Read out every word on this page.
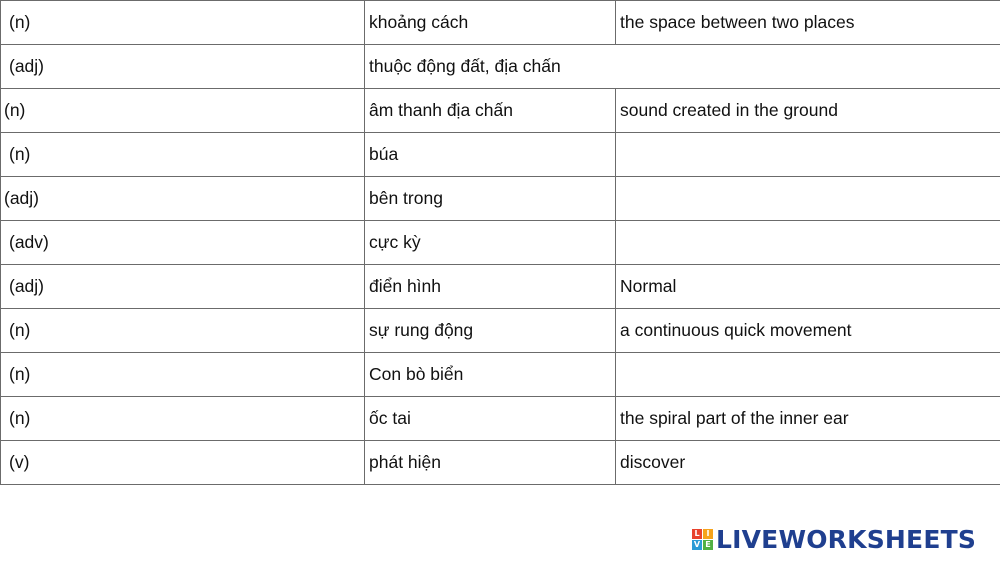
(n)	khoảng cách	the space between two places
(adj)	thuộc động đất, địa chấn	
(n)	âm thanh địa chấn	sound created in the ground
(n)	búa	
(adj)	bên trong	
(adv)	cực kỳ	
(adj)	điển hình	Normal
(n)	sự rung động	a continuous quick movement
(n)	Con bò biển	
(n)	ốc tai	the spiral part of the inner ear
(v)	phát hiện	discover
L I
V E LIVEWORKSHEETS
